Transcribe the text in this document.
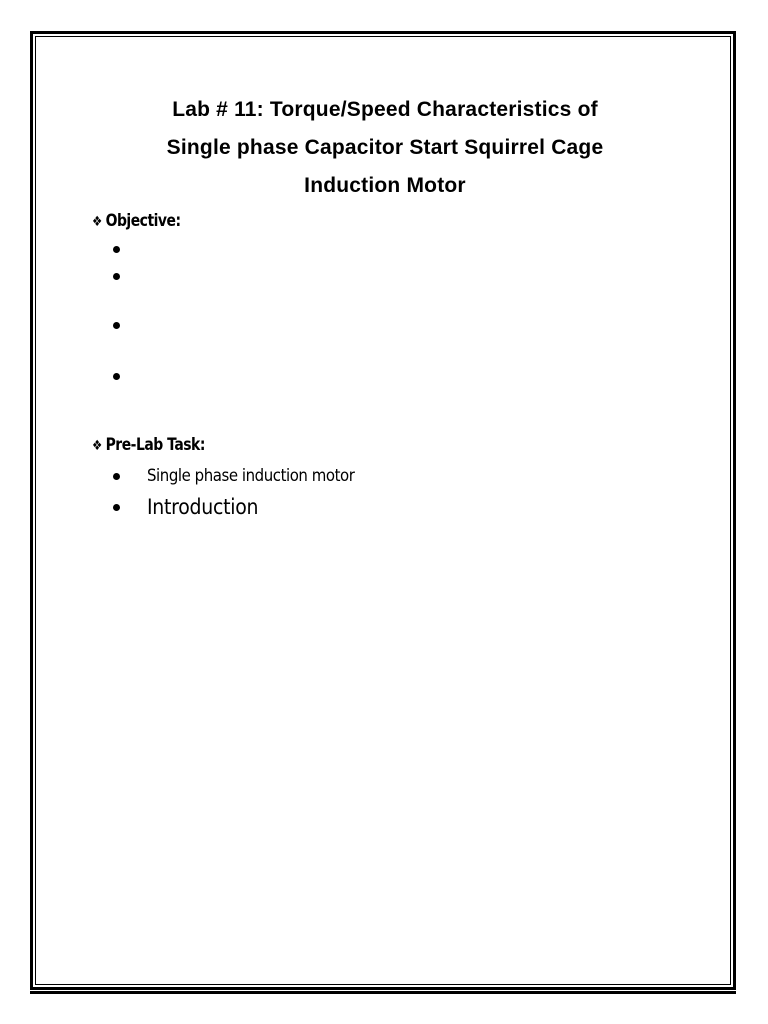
Lab # 11: Torque/Speed Characteristics of
Single phase Capacitor Start Squirrel Cage
Induction Motor
❖ Objective:
❖ Pre-Lab Task:
Single phase induction motor
Introduction
